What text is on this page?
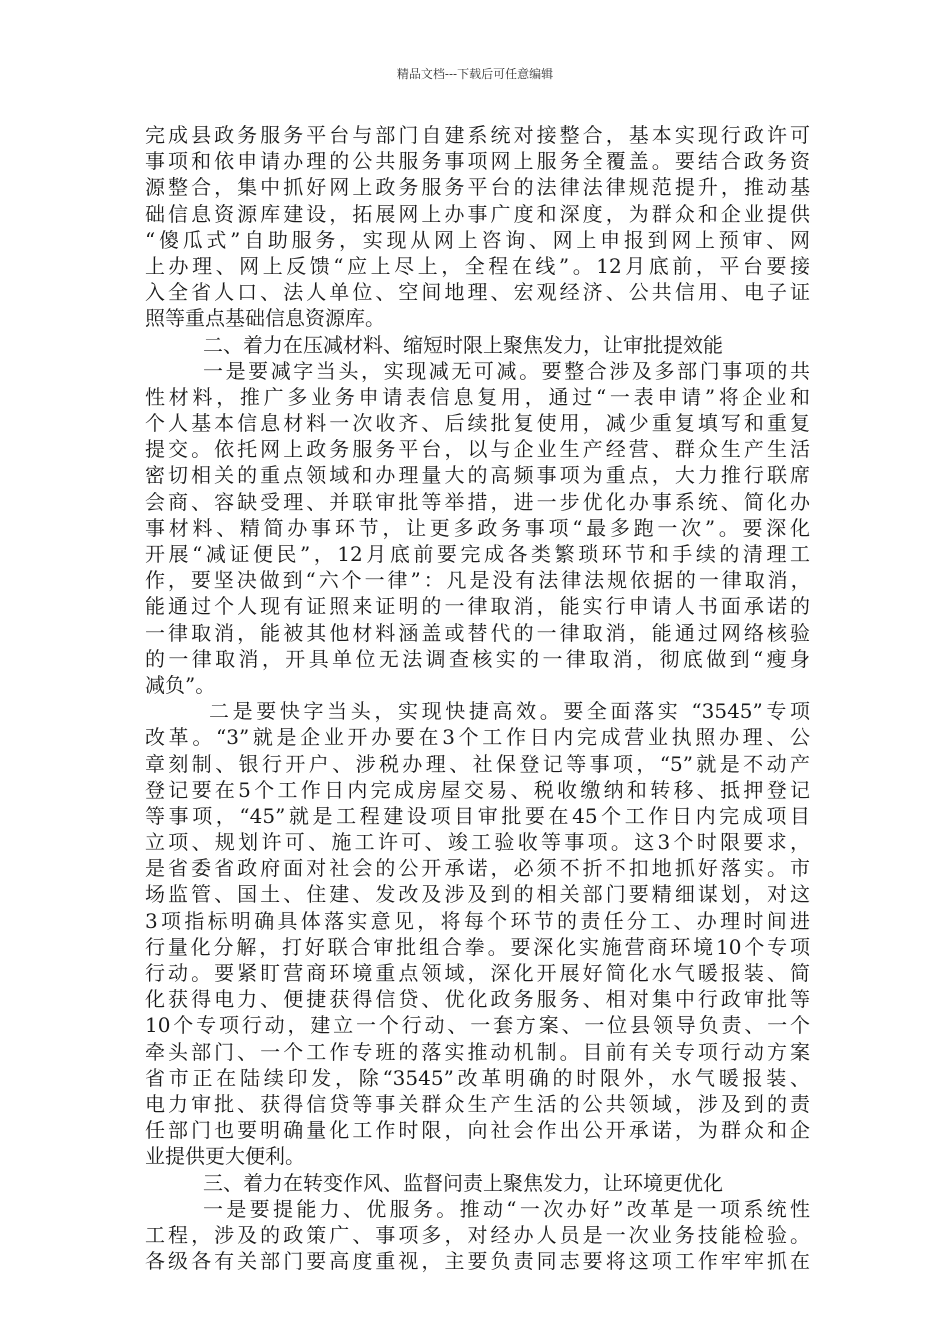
精品文档---下载后可任意编辑
完成县政务服务平台与部门自建系统对接整合，基本实现行政许可
事项和依申请办理的公共服务事项网上服务全覆盖。要结合政务资
源整合，集中抓好网上政务服务平台的法律法律规范提升，推动基
础信息资源库建设，拓展网上办事广度和深度，为群众和企业提供
“傻瓜式”自助服务，实现从网上咨询、网上申报到网上预审、网
上办理、网上反馈“应上尽上，全程在线”。12月底前，平台要接
入全省人口、法人单位、空间地理、宏观经济、公共信用、电子证
照等重点基础信息资源库。
二、着力在压减材料、缩短时限上聚焦发力，让审批提效能
一是要减字当头，实现减无可减。要整合涉及多部门事项的共
性材料，推广多业务申请表信息复用，通过“一表申请”将企业和
个人基本信息材料一次收齐、后续批复使用，减少重复填写和重复
提交。依托网上政务服务平台，以与企业生产经营、群众生产生活
密切相关的重点领域和办理量大的高频事项为重点，大力推行联席
会商、容缺受理、并联审批等举措，进一步优化办事系统、简化办
事材料、精简办事环节，让更多政务事项“最多跑一次”。要深化
开展“减证便民”，12月底前要完成各类繁琐环节和手续的清理工
作，要坚决做到“六个一律”：凡是没有法律法规依据的一律取消，
能通过个人现有证照来证明的一律取消，能实行申请人书面承诺的
一律取消，能被其他材料涵盖或替代的一律取消，能通过网络核验
的一律取消，开具单位无法调查核实的一律取消，彻底做到“瘦身
减负”。
二是要快字当头，实现快捷高效。要全面落实 “3545”专项
改革。“3”就是企业开办要在3个工作日内完成营业执照办理、公
章刻制、银行开户、涉税办理、社保登记等事项，“5”就是不动产
登记要在5个工作日内完成房屋交易、税收缴纳和转移、抵押登记
等事项，“45”就是工程建设项目审批要在45个工作日内完成项目
立项、规划许可、施工许可、竣工验收等事项。这3个时限要求，
是省委省政府面对社会的公开承诺，必须不折不扣地抓好落实。市
场监管、国土、住建、发改及涉及到的相关部门要精细谋划，对这
3项指标明确具体落实意见，将每个环节的责任分工、办理时间进
行量化分解，打好联合审批组合拳。要深化实施营商环境10个专项
行动。要紧盯营商环境重点领域，深化开展好简化水气暖报装、简
化获得电力、便捷获得信贷、优化政务服务、相对集中行政审批等
10个专项行动，建立一个行动、一套方案、一位县领导负责、一个
牵头部门、一个工作专班的落实推动机制。目前有关专项行动方案
省市正在陆续印发，除“3545”改革明确的时限外，水气暖报装、
电力审批、获得信贷等事关群众生产生活的公共领域，涉及到的责
任部门也要明确量化工作时限，向社会作出公开承诺，为群众和企
业提供更大便利。
三、着力在转变作风、监督问责上聚焦发力，让环境更优化
一是要提能力、优服务。推动“一次办好”改革是一项系统性
工程，涉及的政策广、事项多，对经办人员是一次业务技能检验。
各级各有关部门要高度重视，主要负责同志要将这项工作牢牢抓在
